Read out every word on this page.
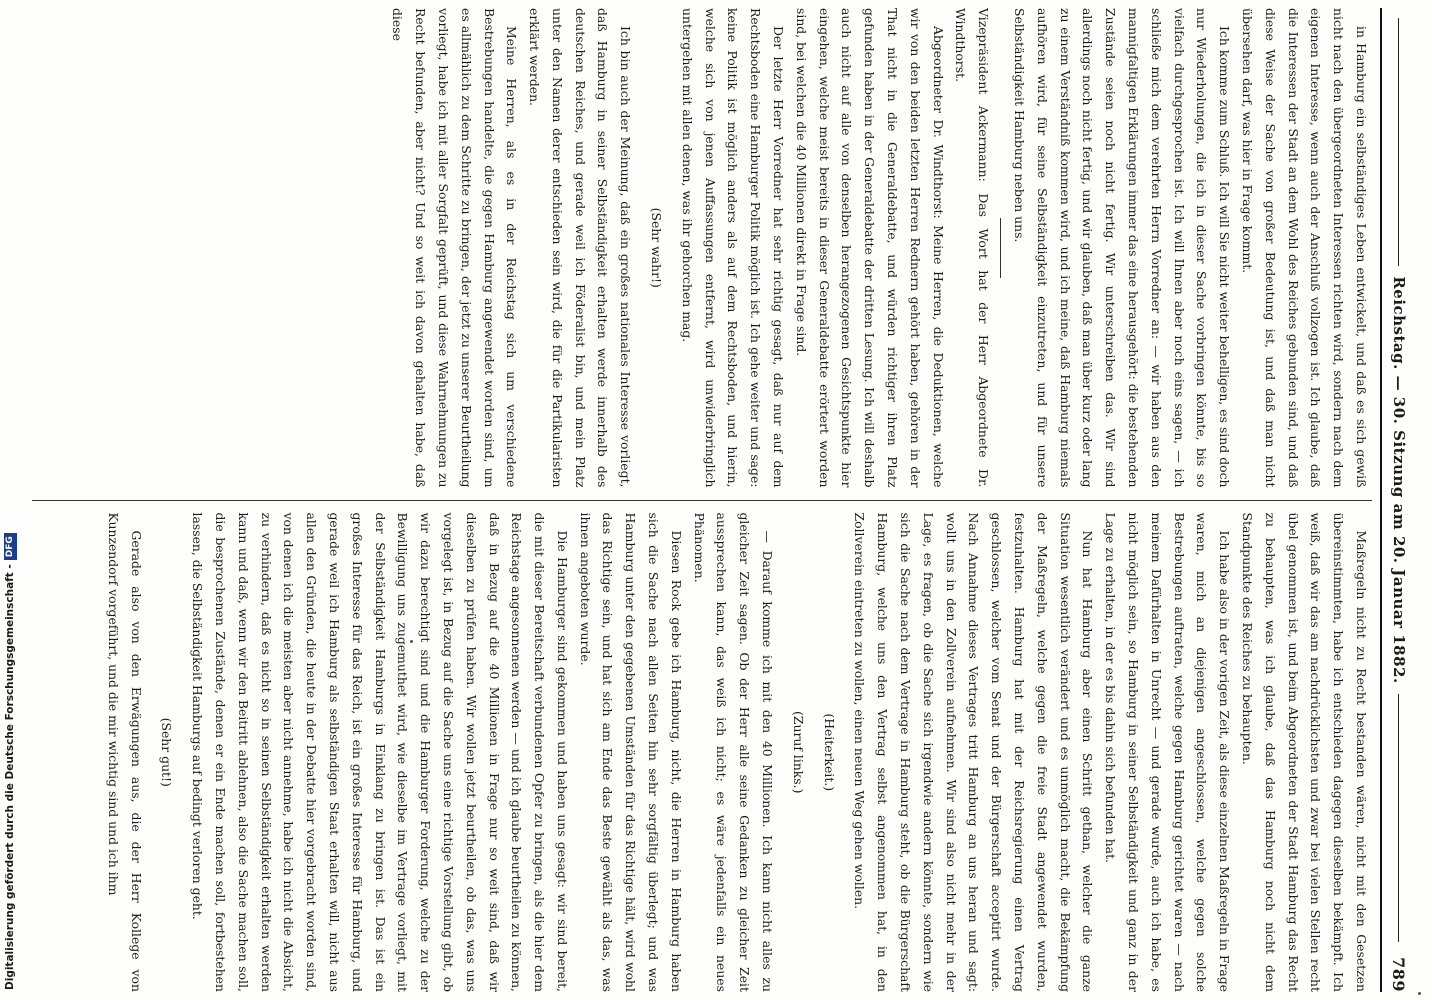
Reichstag. — 30. Sitzung am 20. Januar 1882.
789

in Hamburg ein selbständiges Leben entwickelt, und daß es sich gewiß nicht nach den übergeordneten Interessen richten wird, sondern nach dem eigenen Interesse, wenn auch der Anschluß vollzogen ist. Ich glaube, daß die Interessen der Stadt an dem Wohl des Reiches gebunden sind, und daß diese Weise der Sache von großer Bedeutung ist, und daß man nicht übersehen darf, was hier in Frage kommt.

Ich komme zum Schluß. Ich will Sie nicht weiter behelligen, es sind doch nur Wiederholungen, die ich in dieser Sache vorbringen könnte, bis so vielfach durchgesprochen ist. Ich will Ihnen aber noch eins sagen, — ich schließe mich dem verehrten Herrn Vorredner an: — wir haben aus den mannigfaltigen Erklärungen immer das eine herausgehört: die bestehenden Zustände seien noch nicht fertig. Wir unterschreiben das. Wir sind allerdings noch nicht fertig, und wir glauben, daß man über kurz oder lang zu einem Verständniß kommen wird, und ich meine, daß Hamburg niemals aufhören wird, für seine Selbständigkeit einzutreten, und für unsere Selbständigkeit Hamburg neben uns.

Vizepräsident Ackermann: Das Wort hat der Herr Abgeordnete Dr. Windthorst.

Abgeordneter Dr. Windthorst: Meine Herren, die Deduktionen, welche wir von den beiden letzten Herren Rednern gehört haben, gehören in der That nicht in die Generaldebatte, und würden richtiger ihren Platz gefunden haben in der Generaldebatte der dritten Lesung. Ich will deshalb auch nicht auf alle von denselben herangezogenen Gesichtspunkte hier eingehen, welche meist bereits in dieser Generaldebatte erörtert worden sind, bei welchen die 40 Millionen direkt in Frage sind.

Der letzte Herr Vorredner hat sehr richtig gesagt, daß nur auf dem Rechtsboden eine Hamburger Politik möglich ist. Ich gehe weiter und sage: keine Politik ist möglich anders als auf dem Rechtsboden, und hierin, welche sich von jenen Auffassungen entfernt, wird unwiderbringlich untergehen mit allen denen, was ihr gehorchen mag.

(Sehr wahr!)

Ich bin auch der Meinung, daß ein großes nationales Interesse vorliegt, daß Hamburg in seiner Selbständigkeit erhalten werde innerhalb des deutschen Reiches, und gerade weil ich Föderalist bin, und mein Platz unter den Namen derer entschieden sein wird, die für die Partikularisten erklärt werden.

Meine Herren, als es in der Reichstag sich um verschiedene Bestrebungen handelte, die gegen Hamburg angewendet worden sind, um es allmählich zu dem Schritte zu bringen, der jetzt zu unserer Beurtheilung vorliegt, habe ich mit aller Sorgfalt geprüft, und diese Wahrnehmungen zu Recht befunden, aber nicht? Und so weit ich davon gehalten habe, daß diese

Maßregeln nicht zu Recht bestanden wären, nicht mit den Gesetzen übereinstimmten, habe ich entschieden dagegen dieselben bekämpft. Ich weiß, daß wir das am nachdrücklichsten und zwar bei vielen Stellen recht übel genommen ist, und beim Abgeordneten der Stadt Hamburg das Recht zu behaupten, was ich glaube, daß das Hamburg noch nicht dem Standpunkte des Reiches zu behaupten.

Ich habe also in der vorigen Zeit, als diese einzelnen Maßregeln in Frage waren, mich an diejenigen angeschlossen, welche gegen solche Bestrebungen auftraten, welche gegen Hamburg gerichtet waren — nach meinem Dafürhalten in Unrecht — und gerade wurde, auch ich habe, es nicht möglich sein, so Hamburg in seiner Selbständigkeit und ganz in der Lage zu erhalten, in der es bis dahin sich befunden hat.

Nun hat Hamburg aber einen Schritt gethan, welcher die ganze Situation wesentlich verändert und es unmöglich macht, die Bekämpfung der Maßregeln, welche gegen die freie Stadt angewendet wurden, festzuhalten. Hamburg hat mit der Reichsregierung einen Vertrag geschlossen, welcher vom Senat und der Bürgerschaft acceptirt wurde. Nach Annahme dieses Vertrages tritt Hamburg an uns heran und sagt: wollt uns in den Zollverein aufnehmen. Wir sind also nicht mehr in der Lage, es fragen, ob die Sache sich irgendwie andern könnte, sondern wie sich die Sache nach dem Vertrage in Hamburg steht, ob die Bürgerschaft Hamburg, welche uns den Vertrag selbst angenommen hat, in den Zollverein eintreten zu wollen, einen neuen Weg gehen wollen.

(Heiterkeit.)

(Zuruf links.)

— Darauf komme ich mit den 40 Millionen. Ich kann nicht alles zu gleicher Zeit sagen. Ob der Herr alle seine Gedanken zu gleicher Zeit aussprechen kann, das weiß ich nicht; es wäre jedenfalls ein neues Phänomen.

Diesen Rock gebe ich Hamburg, nicht, die Herren in Hamburg haben sich die Sache nach allen Seiten hin sehr sorgfältig überlegt; und was Hamburg unter den gegebenen Umständen für das Richtige hält, wird wohl das Richtige sein, und hat sich am Ende das Beste gewählt als das, was ihnen angeboten wurde.

Die Hamburger sind gekommen und haben uns gesagt: wir sind bereit, die mit dieser Bereitschaft verbundenen Opfer zu bringen, als die hier dem Reichstage angesonnenen werden — und ich glaube beurtheilen zu können, daß in Bezug auf die 40 Millionen in Frage nur so weit sind, daß wir dieselben zu prüfen haben. Wir wollen jetzt beurtheilen, ob das, was uns vorgelegt ist, in Bezug auf die Sache uns eine richtige Vorstellung gibt, ob wir dazu berechtigt sind und die Hamburger Forderung, welche zu der Bewilligung uns zugemuthet wird, wie dieselbe im Vertrage vorliegt, mit der Selbständigkeit Hamburgs in Einklang zu bringen ist. Das ist ein großes Interesse für das Reich, ist ein großes Interesse für Hamburg, und gerade weil ich Hamburg als selbständigen Staat erhalten will, nicht aus allen den Gründen, die heute in der Debatte hier vorgebracht worden sind, von denen ich die meisten aber nicht annehme, habe ich nicht die Absicht, zu verhindern, daß es nicht so in seinen Selbständigkeit erhalten werden kann und daß, wenn wir den Beitritt ablehnen, also die Sache machen soll, die besprochenen Zustände, denen er ein Ende machen soll, fortbestehen lassen, die Selbständigkeit Hamburgs auf bedingt verloren geht.

(Sehr gut!)

Gerade also von den Erwägungen aus, die der Herr Kollege von Kunzendorf vorgeführt, und die mir wichtig sind und ich ihm

Digitalisierung gefördert durch die Deutsche Forschungsgemeinschaft -
DFG
